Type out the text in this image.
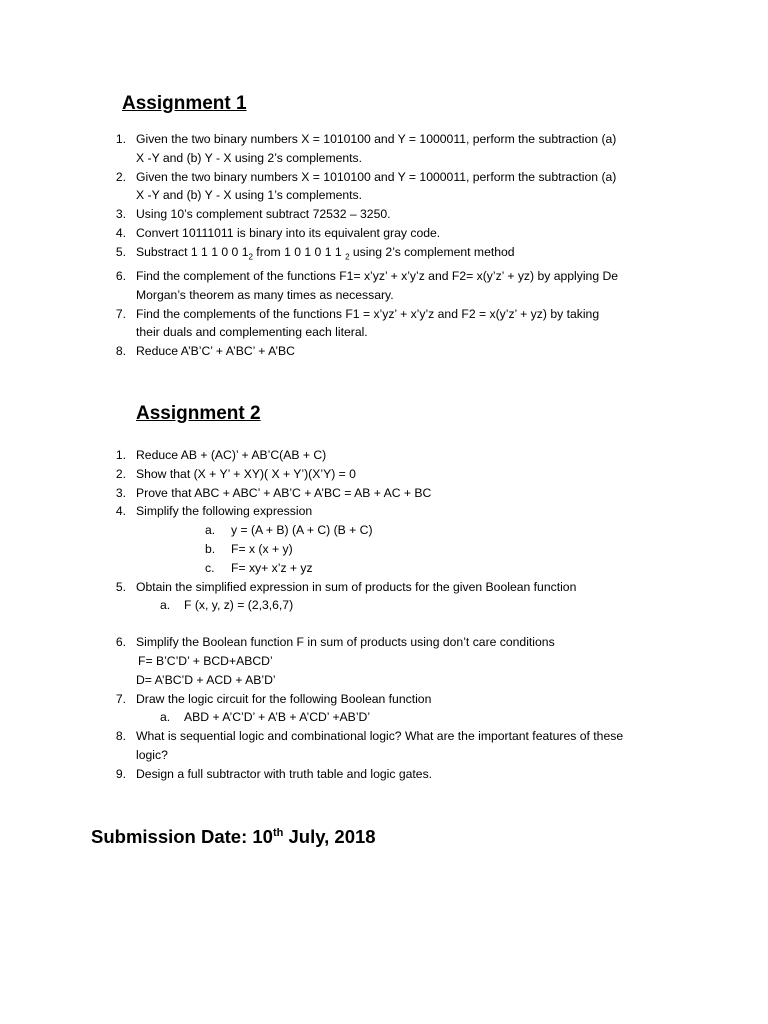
Assignment 1
1. Given the two binary numbers X = 1010100 and Y = 1000011, perform the subtraction (a)
X -Y and (b) Y - X using 2’s complements.
2. Given the two binary numbers X = 1010100 and Y = 1000011, perform the subtraction (a)
X -Y and (b) Y - X using 1’s complements.
3. Using 10’s complement subtract 72532 – 3250.
4. Convert 10111011 is binary into its equivalent gray code.
5. Substract 1 1 1 0 0 $1_2$ from 1 0 1 0 1 1 $_2$ using 2’s complement method
6. Find the complement of the functions F1= x’yz’ + x’y’z and F2= x(y’z’ + yz) by applying De
Morgan’s theorem as many times as necessary.
7. Find the complements of the functions F1 = x’yz’ + x’y’z and F2 = x(y’z’ + yz) by taking
their duals and complementing each literal.
8. Reduce A’B’C’ + A’BC’ + A’BC
Assignment 2
1. Reduce AB + (AC)’ + AB’C(AB + C)
2. Show that (X + Y’ + XY)( X + Y’)(X’Y) = 0
3. Prove that ABC + ABC’ + AB’C + A’BC = AB + AC + BC
4. Simplify the following expression
a. y = (A + B) (A + C) (B + C)
b. F= x (x + y)
c. F= xy+ x’z + yz
5. Obtain the simplified expression in sum of products for the given Boolean function
a. F (x, y, z) = (2,3,6,7)
6. Simplify the Boolean function F in sum of products using don’t care conditions
F= B’C’D’ + BCD+ABCD’
D= A’BC’D + ACD + AB’D’
7. Draw the logic circuit for the following Boolean function
a. ABD + A’C’D’ + A’B + A’CD’ +AB’D’
8. What is sequential logic and combinational logic? What are the important features of these
logic?
9. Design a full subtractor with truth table and logic gates.
Submission Date: 10th July, 2018
